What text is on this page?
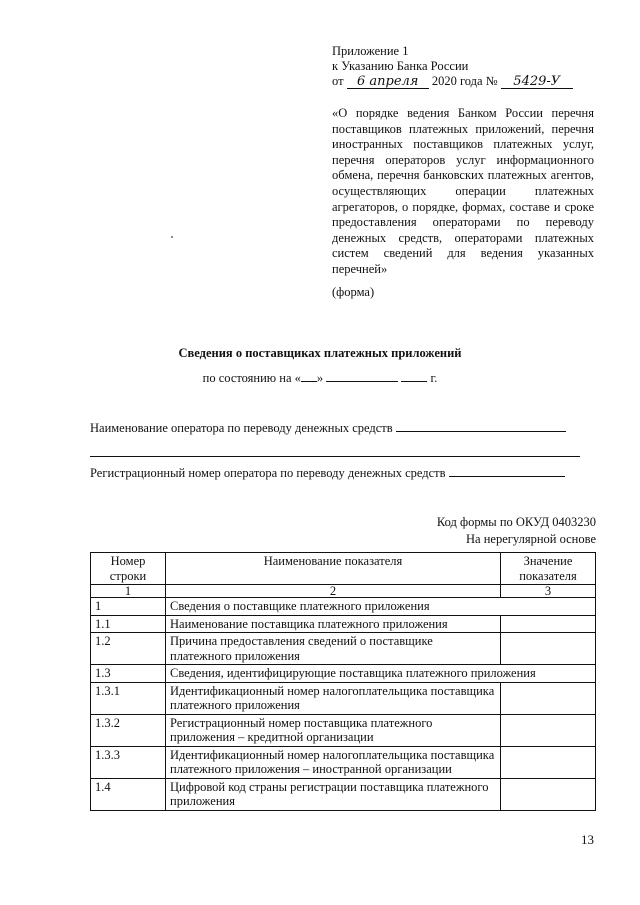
Приложение 1
к Указанию Банка России
от 6 апреля 2020 года № 5429-У
«О порядке ведения Банком России перечня поставщиков платежных приложений, перечня иностранных поставщиков платежных услуг, перечня операторов услуг информационного обмена, перечня банковских платежных агентов, осуществляющих операции платежных агрегаторов, о порядке, формах, составе и сроке предоставления операторами по переводу денежных средств, операторами платежных систем сведений для ведения указанных перечней»
(форма)
Сведения о поставщиках платежных приложений
по состоянию на « »	г.
Наименование оператора по переводу денежных средств
Регистрационный номер оператора по переводу денежных средств
Код формы по ОКУД 0403230
На нерегулярной основе
Номер строки	Наименование показателя	Значение показателя
1	2	3
1	Сведения о поставщике платежного приложения	
1.1	Наименование поставщика платежного приложения	
1.2	Причина предоставления сведений о поставщике платежного приложения	
1.3	Сведения, идентифицирующие поставщика платежного приложения	
1.3.1	Идентификационный номер налогоплательщика поставщика платежного приложения	
1.3.2	Регистрационный номер поставщика платежного приложения – кредитной организации	
1.3.3	Идентификационный номер налогоплательщика поставщика платежного приложения – иностранной организации	
1.4	Цифровой код страны регистрации поставщика платежного приложения	
13
